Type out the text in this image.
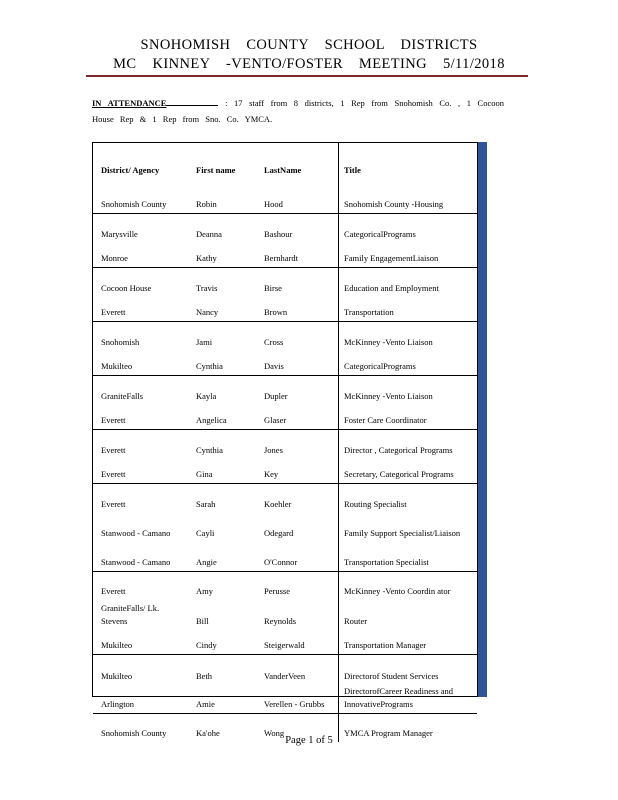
SNOHOMISH COUNTY SCHOOL DISTRICTS
MC KINNEY -VENTO/FOSTER MEETING 5/11/2018
IN ATTENDANCE	: 17 staff from 8 districts, 1 Rep from Snohomish Co. , 1 Cocoon House Rep & 1 Rep from Sno. Co. YMCA.
District/ Agency	First name	LastName	Title
Snohomish County	Robin	Hood	Snohomish County -Housing
Marysville	Deanna	Bashour	CategoricalPrograms
Monroe	Kathy	Bernhardt	Family EngagementLiaison
Cocoon House	Travis	Birse	Education and Employment
Everett	Nancy	Brown	Transportation
Snohomish	Jami	Cross	McKinney -Vento Liaison
Mukilteo	Cynthia	Davis	CategoricalPrograms
GraniteFalls	Kayla	Dupler	McKinney -Vento Liaison
Everett	Angelica	Glaser	Foster Care Coordinator
Everett	Cynthia	Jones	Director , Categorical Programs
Everett	Gina	Key	Secretary, Categorical Programs
Everett	Sarah	Koehler	Routing Specialist
Stanwood - Camano	Cayli	Odegard	Family Support Specialist/Liaison
Stanwood - Camano	Angie	O'Connor	Transportation Specialist
Everett	Amy	Perusse	McKinney -Vento Coordin ator
GraniteFalls/ Lk. Stevens	Bill	Reynolds	Router
Mukilteo	Cindy	Steigerwald	Transportation Manager
Mukilteo	Beth	VanderVeen	Directorof Student Services
Arlington	Amie	Verellen - Grubbs	DirectorofCareer Readiness and InnovativePrograms
Snohomish County	Ka'ohe	Wong	YMCA Program Manager
Page 1 of 5
